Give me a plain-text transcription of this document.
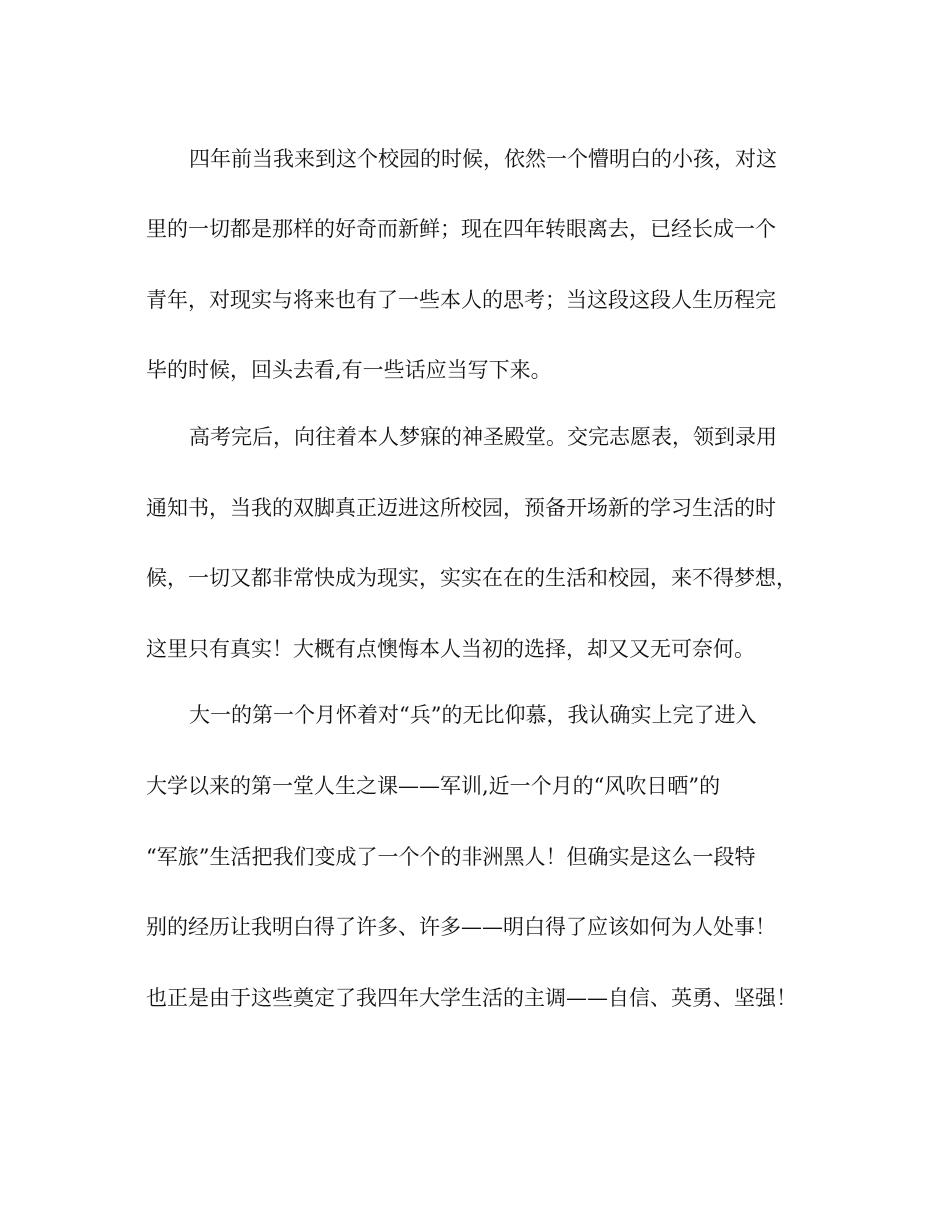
四年前当我来到这个校园的时候，依然一个懵明白的小孩，对这
里的一切都是那样的好奇而新鲜；现在四年转眼离去，已经长成一个
青年，对现实与将来也有了一些本人的思考；当这段这段人生历程完
毕的时候，回头去看,有一些话应当写下来。
高考完后，向往着本人梦寐的神圣殿堂。交完志愿表，领到录用
通知书，当我的双脚真正迈进这所校园，预备开场新的学习生活的时
候，一切又都非常快成为现实，实实在在的生活和校园，来不得梦想，
这里只有真实！大概有点懊悔本人当初的选择，却又又无可奈何。
大一的第一个月怀着对“兵”的无比仰慕，我认确实上完了进入
大学以来的第一堂人生之课——军训,近一个月的“风吹日晒”的
“军旅”生活把我们变成了一个个的非洲黑人！但确实是这么一段特
别的经历让我明白得了许多、许多——明白得了应该如何为人处事！
也正是由于这些奠定了我四年大学生活的主调——自信、英勇、坚强！
